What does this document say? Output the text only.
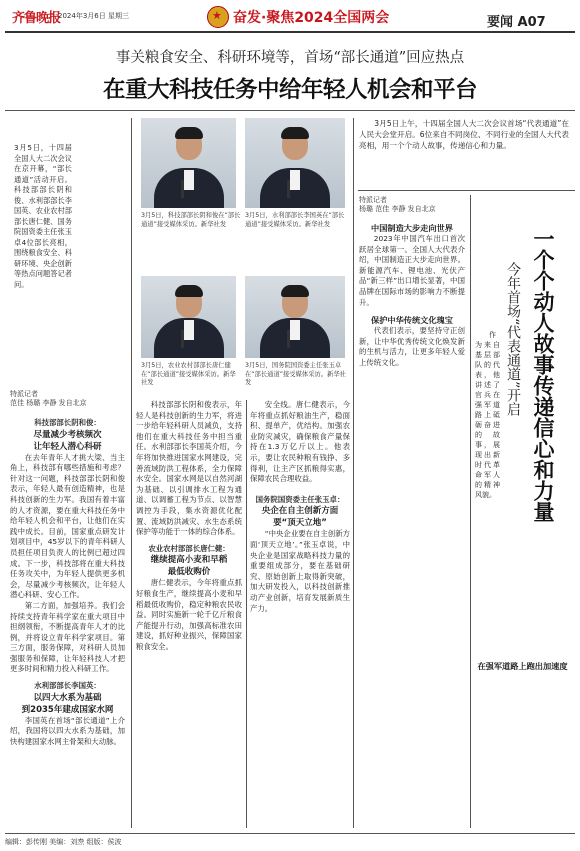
齐鲁晚报
2024年3月6日 星期三
★	奋发·聚焦2024全国两会	要闻 A07
事关粮食安全、科研环境等，首场“部长通道”回应热点
在重大科技任务中给年轻人机会和平台
3月5日，十四届全国人大二次会议在京开幕，“部长通道”活动开启。科技部部长阴和俊、水利部部长李国英、农业农村部部长唐仁健、国务院国资委主任张玉卓4位部长亮相，围绕粮食安全、科研环境、央企创新等热点问题答记者问。
3月5日，科技部部长阴和俊在“部长通道”接受媒体采访。新华社发
3月5日，水利部部长李国英在“部长通道”接受媒体采访。新华社发
3月5日，农业农村部部长唐仁健在“部长通道”接受媒体采访。新华社发
3月5日，国务院国资委主任张玉卓在“部长通道”接受媒体采访。新华社发
特派记者
范佳 杨璐 李静 发自北京

科技部部长阴和俊：

尽量减少考核频次

让年轻人潜心科研

在去年青年人才挑大梁、当主角上，科技部有哪些措施和考虑？针对这一问题，科技部部长阴和俊表示，年轻人最有创造精神，也是科技创新的生力军。我国有着丰富的人才资源，要在重大科技任务中给年轻人机会和平台，让他们在实践中成长。目前，国家重点研发计划项目中，45岁以下的青年科研人员担任项目负责人的比例已超过四成。下一步，科技部将在重大科技任务攻关中，为年轻人提供更多机会，尽量减少考核频次，让年轻人潜心科研、安心工作。

第二方面，加强培养。我们会持续支持青年科学家在重大项目中担纲领衔，不断提高青年人才的比例，并将设立青年科学家项目。第三方面，服务保障，对科研人员加强服务和保障，让年轻科技人才把更多时间和精力投入科研工作。

水利部部长李国英：

以四大水系为基础

到2035年建成国家水网

李国英在首场“部长通道”上介绍，我国将以四大水系为基础，加快构建国家水网主骨架和大动脉。

科技部部长阴和俊表示，年轻人是科技创新的生力军，将进一步给年轻科研人员减负，支持他们在重大科技任务中担当重任。水利部部长李国英介绍，今年将加快推进国家水网建设，完善流域防洪工程体系，全力保障水安全。国家水网是以自然河湖为基础、以引调排水工程为通道、以调蓄工程为节点、以智慧调控为手段，集水资源优化配置、流域防洪减灾、水生态系统保护等功能于一体的综合体系。

农业农村部部长唐仁健：

继续提高小麦和早稻

最低收购价

唐仁健表示，今年将重点抓好粮食生产，继续提高小麦和早稻最低收购价，稳定种粮农民收益。同时实施新一轮千亿斤粮食产能提升行动，加强高标准农田建设，抓好种业振兴，保障国家粮食安全。

安全线。唐仁健表示，今年将重点抓好粮油生产，稳面积、提单产，优结构。加强农业防灾减灾，确保粮食产量保持在1.3万亿斤以上。他表示，要让农民种粮有钱挣、多得利，让主产区抓粮得实惠，保障农民合理收益。

国务院国资委主任张玉卓：

央企在自主创新方面

要“顶天立地”

“中央企业要在自主创新方面‘顶天立地’。”张玉卓说，中央企业是国家战略科技力量的重要组成部分，要在基础研究、原始创新上取得新突破，加大研发投入，以科技创新推动产业创新，培育发展新质生产力。

3月5日上午，十四届全国人大二次会议首场“代表通道”在人民大会堂开启。6位来自不同岗位、不同行业的全国人大代表亮相，用一个个动人故事，传递信心和力量。

特派记者
杨璐 范佳 李静 发自北京

中国制造大步走向世界

2023年中国汽车出口首次跃居全球第一。全国人大代表介绍，中国制造正大步走向世界。新能源汽车、锂电池、光伏产品“新三样”出口增长显著，中国品牌在国际市场的影响力不断提升。

保护中华传统文化瑰宝

代表们表示，要坚持守正创新，让中华优秀传统文化焕发新的生机与活力，让更多年轻人爱上传统文化。	一个个动人故事传递信心和力量
今年首场“代表通道”开启

作为来自基层部队的代表，他讲述了官兵在强军道路上砥砺奋进的故事，展现出新时代革命军人的精神风貌。

在强军道路上跑出加速度
编辑：彭传刚 美编：刘焘 组版：侯波
